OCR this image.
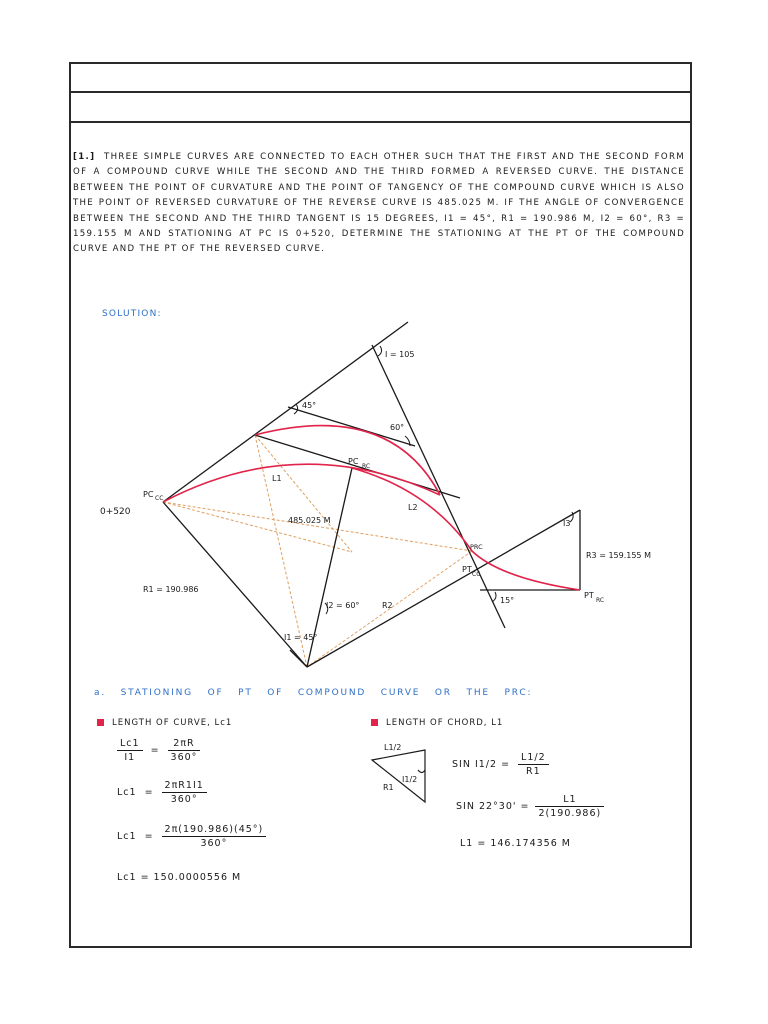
[1.] THREE SIMPLE CURVES ARE CONNECTED TO EACH OTHER SUCH THAT THE FIRST AND THE SECOND FORM OF A COMPOUND CURVE WHILE THE SECOND AND THE THIRD FORMED A REVERSED CURVE. THE DISTANCE BETWEEN THE POINT OF CURVATURE AND THE POINT OF TANGENCY OF THE COMPOUND CURVE WHICH IS ALSO THE POINT OF REVERSED CURVATURE OF THE REVERSE CURVE IS 485.025 M. IF THE ANGLE OF CONVERGENCE BETWEEN THE SECOND AND THE THIRD TANGENT IS 15 DEGREES, I1 = 45°, R1 = 190.986 M, I2 = 60°, R3 = 159.155 M AND STATIONING AT PC IS 0+520, DETERMINE THE STATIONING AT THE PT OF THE COMPOUND CURVE AND THE PT OF THE REVERSED CURVE.
SOLUTION:
I = 105
45°
60°
PC
RC
PC CC
0+520
L1
L2
485.025 M	I3
R3 = 159.155 M
PRC
PT
CC
R1 = 190.986
I2 = 60°	R2
I1 = 45°
15°
PT
RC
L1/2
I1/2
R1
a. STATIONING OF PT OF COMPOUND CURVE OR THE PRC:
LENGTH OF CURVE, Lc1
$\frac{Lc1}{I1} = \frac{2\pi R}{360^\circ}$
$Lc1 = \frac{2\pi R1I1}{360^\circ}$
$Lc1 = \frac{2\pi(190.986)(45^\circ)}{360^\circ}$
Lc1 = 150.0000556 M
LENGTH OF CHORD, L1
SIN $I1/2 = \frac{L1/2}{R1}$
SIN $22^\circ 30' = \frac{L1}{2(190.986)}$
L1 = 146.174356 M
